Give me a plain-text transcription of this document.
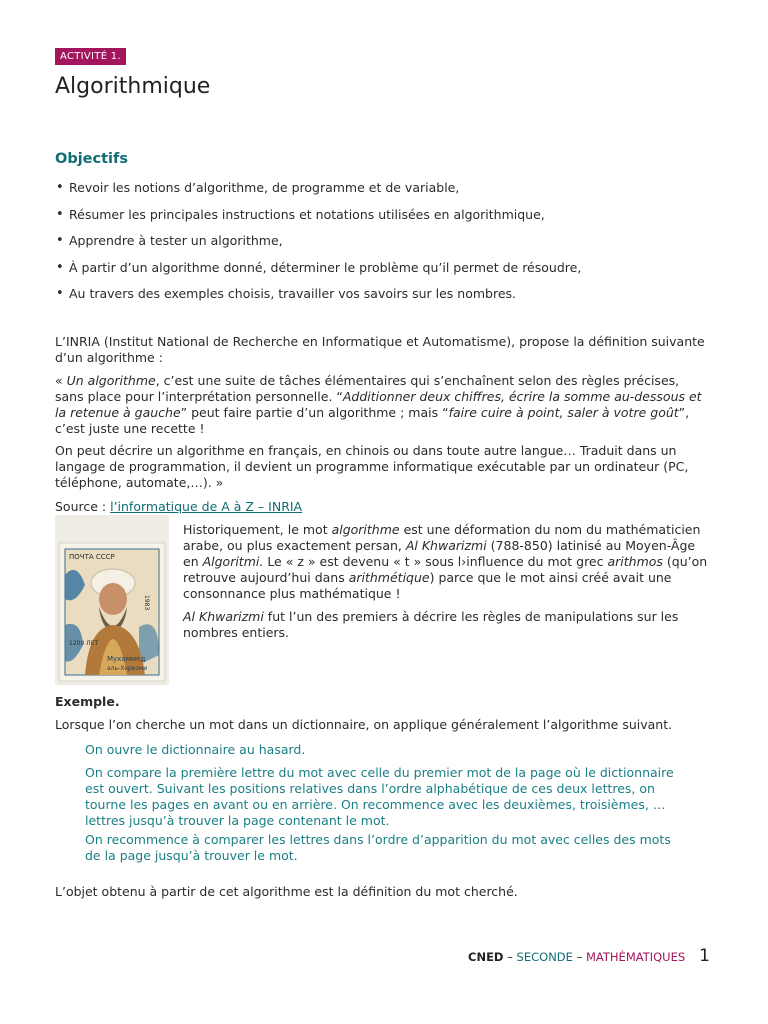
ACTIVITÉ 1.
Algorithmique
Objectifs
• Revoir les notions d’algorithme, de programme et de variable,
• Résumer les principales instructions et notations utilisées en algorithmique,
• Apprendre à tester un algorithme,
• À partir d’un algorithme donné, déterminer le problème qu’il permet de résoudre,
• Au travers des exemples choisis, travailler vos savoirs sur les nombres.

L’INRIA (Institut National de Recherche en Informatique et Automatisme), propose la définition suivante d’un algorithme :

« Un algorithme, c’est une suite de tâches élémentaires qui s’enchaînent selon des règles précises, sans place pour l’interprétation personnelle. “Additionner deux chiffres, écrire la somme au-dessous et la retenue à gauche” peut faire partie d’un algorithme ; mais “faire cuire à point, saler à votre goût”, c’est juste une recette !

On peut décrire un algorithme en français, en chinois ou dans toute autre langue… Traduit dans un langage de programmation, il devient un programme informatique exécutable par un ordinateur (PC, téléphone, automate,…). »

Source : l’informatique de A à Z – INRIA

ПОЧТА СССР
1983
1200 ЛЕТ
Мухаммед
аль-Хорезми

Historiquement, le mot algorithme est une déformation du nom du mathématicien arabe, ou plus exactement persan, Al Khwarizmi (788-850) latinisé au Moyen-Âge en Algoritmi. Le « z » est devenu « t » sous l›influence du mot grec arithmos (qu’on retrouve aujourd’hui dans arithmétique) parce que le mot ainsi créé avait une consonnance plus mathématique !

Al Khwarizmi fut l’un des premiers à décrire les règles de manipulations sur les nombres entiers.

Exemple.

Lorsque l’on cherche un mot dans un dictionnaire, on applique généralement l’algorithme suivant.

On ouvre le dictionnaire au hasard.

On compare la première lettre du mot avec celle du premier mot de la page où le dictionnaire est ouvert. Suivant les positions relatives dans l’ordre alphabétique de ces deux lettres, on tourne les pages en avant ou en arrière. On recommence avec les deuxièmes, troisièmes, … lettres jusqu’à trouver la page contenant le mot.

On recommence à comparer les lettres dans l’ordre d’apparition du mot avec celles des mots de la page jusqu’à trouver le mot.

L’objet obtenu à partir de cet algorithme est la définition du mot cherché.

CNED – SECONDE – MATHÉMATIQUES 1
